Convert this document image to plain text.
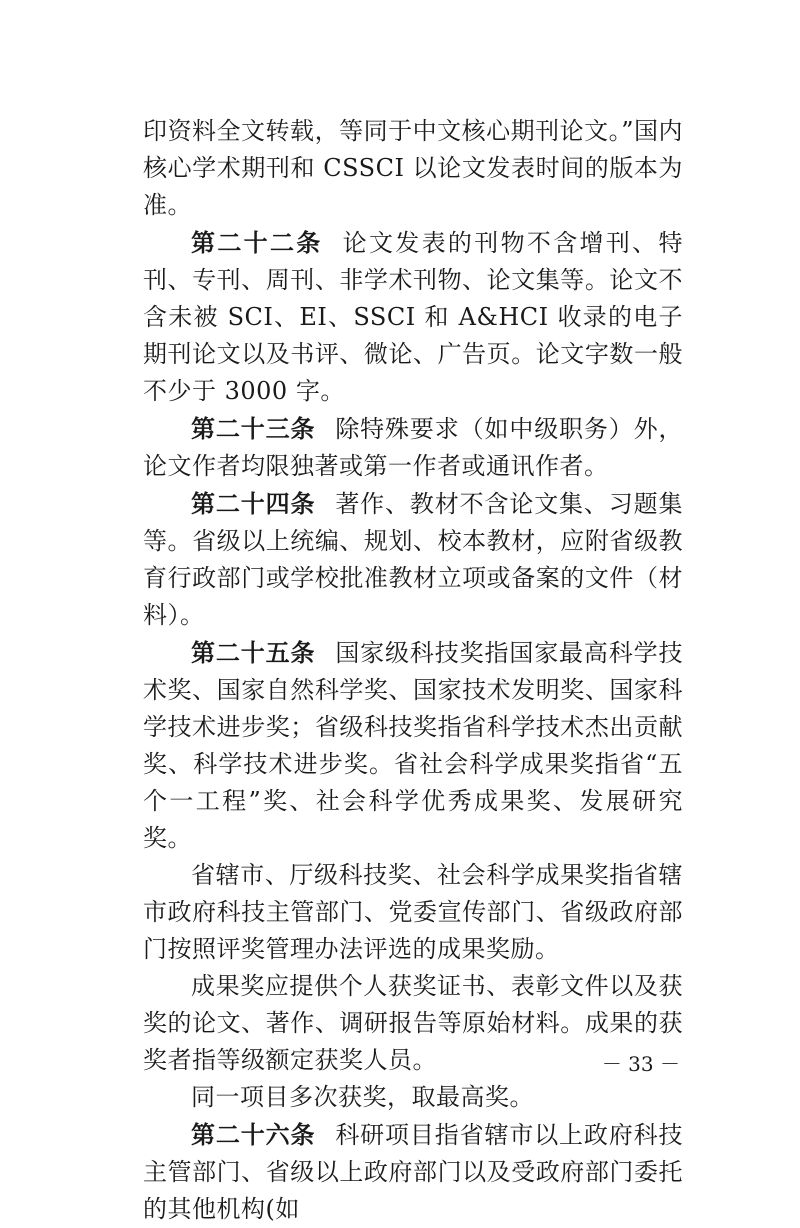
印资料全文转载，等同于中文核心期刊论文。”国内核心学术期刊和 CSSCI 以论文发表时间的版本为准。

第二十二条 论文发表的刊物不含增刊、特刊、专刊、周刊、非学术刊物、论文集等。论文不含未被 SCI、EI、SSCI 和 A&HCI 收录的电子期刊论文以及书评、微论、广告页。论文字数一般不少于 3000 字。

第二十三条 除特殊要求（如中级职务）外，论文作者均限独著或第一作者或通讯作者。

第二十四条 著作、教材不含论文集、习题集等。省级以上统编、规划、校本教材，应附省级教育行政部门或学校批准教材立项或备案的文件（材料）。

第二十五条 国家级科技奖指国家最高科学技术奖、国家自然科学奖、国家技术发明奖、国家科学技术进步奖；省级科技奖指省科学技术杰出贡献奖、科学技术进步奖。省社会科学成果奖指省“五个一工程”奖、社会科学优秀成果奖、发展研究奖。

省辖市、厅级科技奖、社会科学成果奖指省辖市政府科技主管部门、党委宣传部门、省级政府部门按照评奖管理办法评选的成果奖励。

成果奖应提供个人获奖证书、表彰文件以及获奖的论文、著作、调研报告等原始材料。成果的获奖者指等级额定获奖人员。

同一项目多次获奖，取最高奖。

第二十六条 科研项目指省辖市以上政府科技主管部门、省级以上政府部门以及受政府部门委托的其他机构(如

－ 33 －
